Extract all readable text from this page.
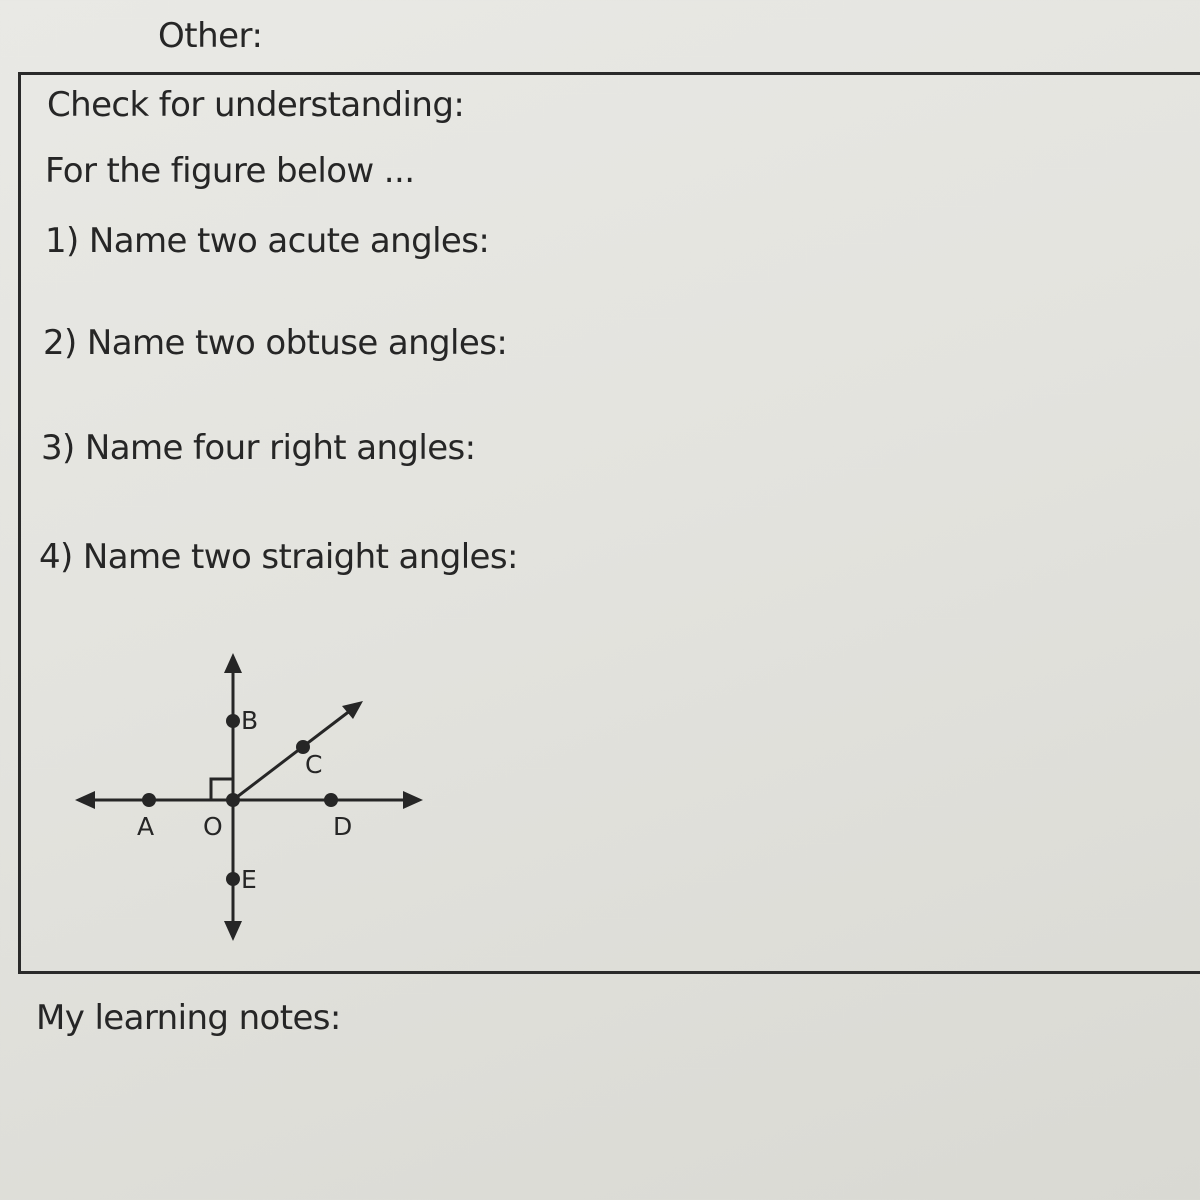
Other:
Check for understanding:
For the figure below ...
1) Name two acute angles:
2) Name two obtuse angles:
3) Name four right angles:
4) Name two straight angles:
A O	D
B
C
E
My learning notes:
